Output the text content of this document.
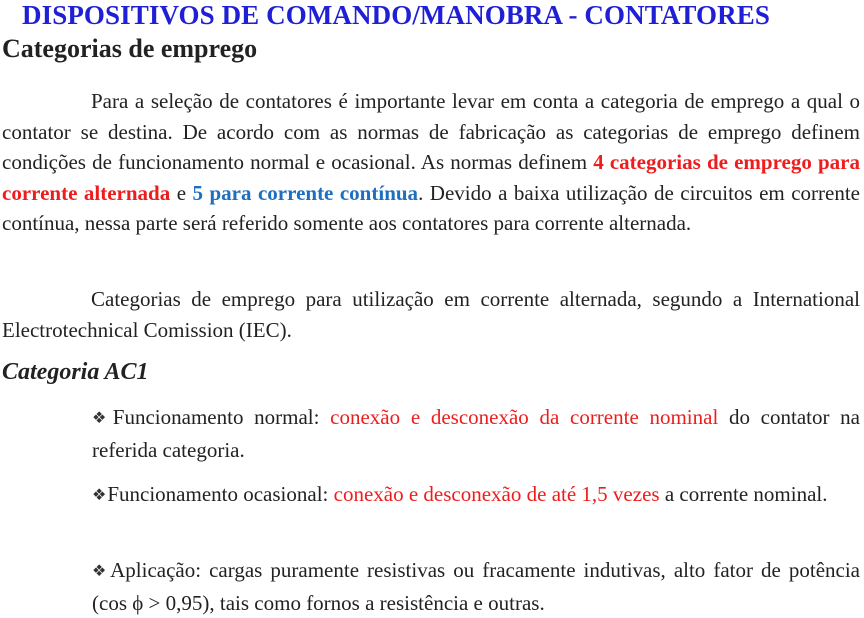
DISPOSITIVOS DE COMANDO/MANOBRA - CONTATORES
Categorias de emprego

Para a seleção de contatores é importante levar em conta a categoria de emprego a qual o contator se destina. De acordo com as normas de fabricação as categorias de emprego definem condições de funcionamento normal e ocasional. As normas definem 4 categorias de emprego para corrente alternada e 5 para corrente contínua. Devido a baixa utilização de circuitos em corrente contínua, nessa parte será referido somente aos contatores para corrente alternada.

Categorias de emprego para utilização em corrente alternada, segundo a International Electrotechnical Comission (IEC).

Categoria AC1

❖Funcionamento normal: conexão e desconexão da corrente nominal do contator na referida categoria.

❖Funcionamento ocasional: conexão e desconexão de até 1,5 vezes a corrente nominal.

❖Aplicação: cargas puramente resistivas ou fracamente indutivas, alto fator de potência (cos ϕ > 0,95), tais como fornos a resistência e outras.
